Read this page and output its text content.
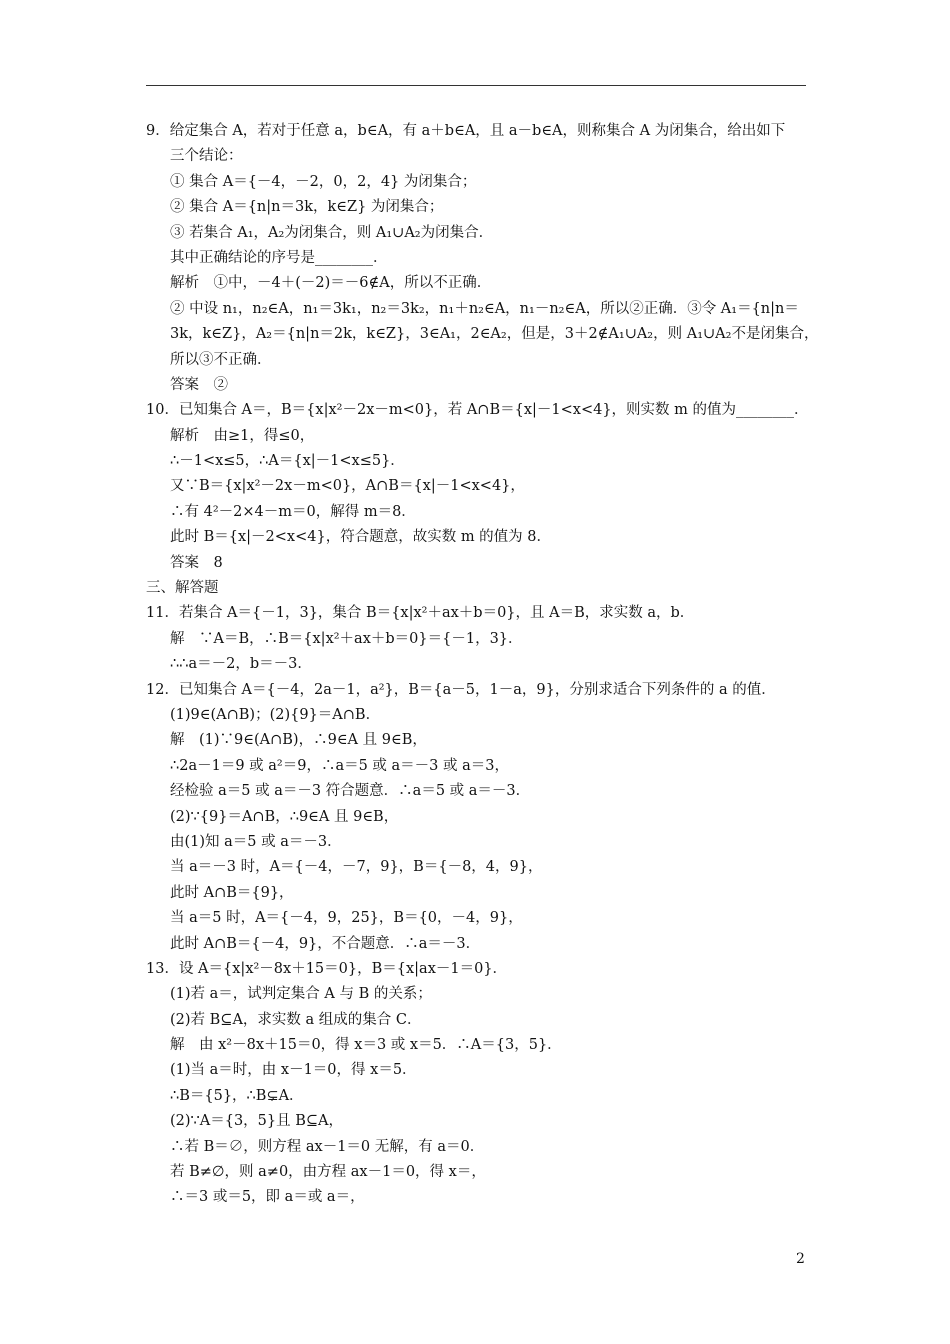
9．给定集合 A，若对于任意 a，b∈A，有 a＋b∈A，且 a－b∈A，则称集合 A 为闭集合，给出如下
三个结论：
① 集合 A＝{－4，－2，0，2，4} 为闭集合；
② 集合 A＝{n|n＝3k，k∈Z} 为闭集合；
③ 若集合 A₁，A₂为闭集合，则 A₁∪A₂为闭集合．
其中正确结论的序号是________．
解析　①中，－4＋(－2)＝－6∉A，所以不正确．
② 中设 n₁，n₂∈A，n₁＝3k₁，n₂＝3k₂，n₁＋n₂∈A，n₁－n₂∈A，所以②正确．③令 A₁＝{n|n＝
3k，k∈Z}，A₂＝{n|n＝2k，k∈Z}，3∈A₁，2∈A₂，但是，3＋2∉A₁∪A₂，则 A₁∪A₂不是闭集合，
所以③不正确．
答案　②
10．已知集合 A＝，B＝{x|x²－2x－m<0}，若 A∩B＝{x|－1<x<4}，则实数 m 的值为________．
解析　由≥1，得≤0，
∴－1<x≤5，∴A＝{x|－1<x≤5}．
又∵B＝{x|x²－2x－m<0}，A∩B＝{x|－1<x<4}，
∴有 4²－2×4－m＝0，解得 m＝8．
此时 B＝{x|－2<x<4}，符合题意，故实数 m 的值为 8．
答案　8
三、解答题
11．若集合 A＝{－1，3}，集合 B＝{x|x²＋ax＋b＝0}，且 A＝B，求实数 a，b．
解　∵A＝B，∴B＝{x|x²＋ax＋b＝0}＝{－1，3}．
∴∴a＝－2，b＝－3．
12．已知集合 A＝{－4，2a－1，a²}，B＝{a－5，1－a，9}，分别求适合下列条件的 a 的值．
(1)9∈(A∩B)；(2){9}＝A∩B．
解　(1)∵9∈(A∩B)，∴9∈A 且 9∈B，
∴2a－1＝9 或 a²＝9，∴a＝5 或 a＝－3 或 a＝3，
经检验 a＝5 或 a＝－3 符合题意．∴a＝5 或 a＝－3．
(2)∵{9}＝A∩B，∴9∈A 且 9∈B，
由(1)知 a＝5 或 a＝－3．
当 a＝－3 时，A＝{－4，－7，9}，B＝{－8，4，9}，
此时 A∩B＝{9}，
当 a＝5 时，A＝{－4，9，25}，B＝{0，－4，9}，
此时 A∩B＝{－4，9}，不合题意．∴a＝－3．
13．设 A＝{x|x²－8x＋15＝0}，B＝{x|ax－1＝0}．
(1)若 a＝，试判定集合 A 与 B 的关系；
(2)若 B⊆A，求实数 a 组成的集合 C．
解　由 x²－8x＋15＝0，得 x＝3 或 x＝5．∴A＝{3，5}．
(1)当 a＝时，由 x－1＝0，得 x＝5．
∴B＝{5}，∴B⊊A．
(2)∵A＝{3，5}且 B⊆A，
∴若 B＝∅，则方程 ax－1＝0 无解，有 a＝0．
若 B≠∅，则 a≠0，由方程 ax－1＝0，得 x＝，
∴＝3 或＝5，即 a＝或 a＝，
2
